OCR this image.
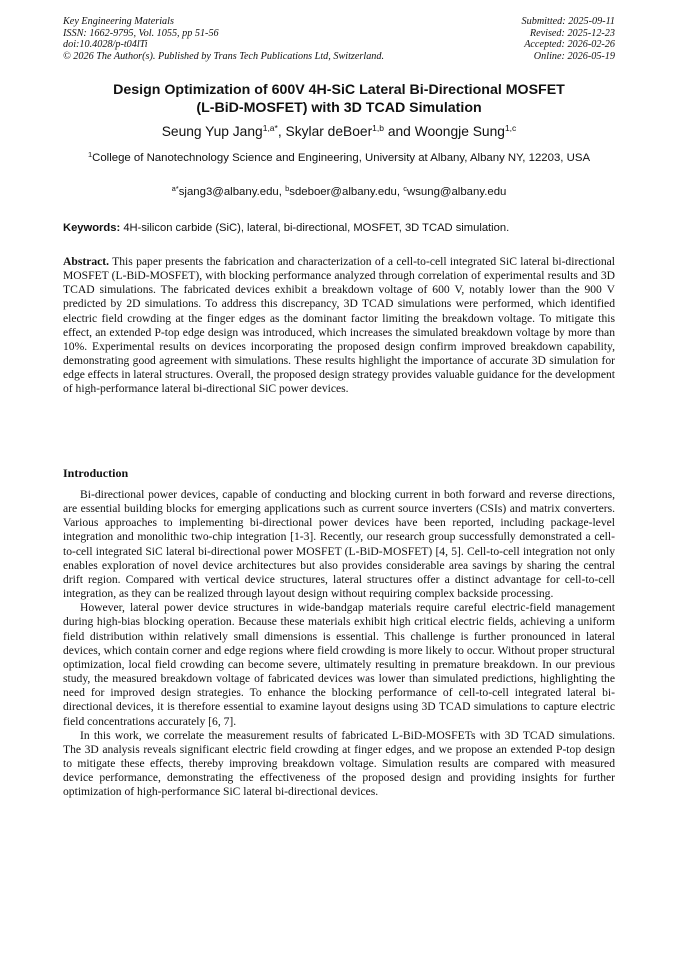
Key Engineering Materials
ISSN: 1662-9795, Vol. 1055, pp 51-56
doi:10.4028/p-t04lTi
© 2026 The Author(s). Published by Trans Tech Publications Ltd, Switzerland.
Submitted: 2025-09-11
Revised: 2025-12-23
Accepted: 2026-02-26
Online: 2026-05-19
Design Optimization of 600V 4H-SiC Lateral Bi-Directional MOSFET
(L-BiD-MOSFET) with 3D TCAD Simulation
Seung Yup Jang$^{1,a*}$, Skylar deBoer$^{1,b}$ and Woongje Sung$^{1,c}$
$^1$College of Nanotechnology Science and Engineering, University at Albany, Albany NY, 12203, USA
$^{a*}$sjang3@albany.edu, $^b$sdeboer@albany.edu, $^c$wsung@albany.edu
Keywords: 4H-silicon carbide (SiC), lateral, bi-directional, MOSFET, 3D TCAD simulation.
Abstract. This paper presents the fabrication and characterization of a cell-to-cell integrated SiC lateral bi-directional MOSFET (L-BiD-MOSFET), with blocking performance analyzed through correlation of experimental results and 3D TCAD simulations. The fabricated devices exhibit a breakdown voltage of 600 V, notably lower than the 900 V predicted by 2D simulations. To address this discrepancy, 3D TCAD simulations were performed, which identified electric field crowding at the finger edges as the dominant factor limiting the breakdown voltage. To mitigate this effect, an extended P-top edge design was introduced, which increases the simulated breakdown voltage by more than 10%. Experimental results on devices incorporating the proposed design confirm improved breakdown capability, demonstrating good agreement with simulations. These results highlight the importance of accurate 3D simulation for edge effects in lateral structures. Overall, the proposed design strategy provides valuable guidance for the development of high-performance lateral bi-directional SiC power devices.
Introduction

Bi-directional power devices, capable of conducting and blocking current in both forward and reverse directions, are essential building blocks for emerging applications such as current source inverters (CSIs) and matrix converters. Various approaches to implementing bi-directional power devices have been reported, including package-level integration and monolithic two-chip integration [1-3]. Recently, our research group successfully demonstrated a cell-to-cell integrated SiC lateral bi-directional power MOSFET (L-BiD-MOSFET) [4, 5]. Cell-to-cell integration not only enables exploration of novel device architectures but also provides considerable area savings by sharing the central drift region. Compared with vertical device structures, lateral structures offer a distinct advantage for cell-to-cell integration, as they can be realized through layout design without requiring complex backside processing.

However, lateral power device structures in wide-bandgap materials require careful electric-field management during high-bias blocking operation. Because these materials exhibit high critical electric fields, achieving a uniform field distribution within relatively small dimensions is essential. This challenge is further pronounced in lateral devices, which contain corner and edge regions where field crowding is more likely to occur. Without proper structural optimization, local field crowding can become severe, ultimately resulting in premature breakdown. In our previous study, the measured breakdown voltage of fabricated devices was lower than simulated predictions, highlighting the need for improved design strategies. To enhance the blocking performance of cell-to-cell integrated lateral bi-directional devices, it is therefore essential to examine layout designs using 3D TCAD simulations to capture electric field concentrations accurately [6, 7].

In this work, we correlate the measurement results of fabricated L-BiD-MOSFETs with 3D TCAD simulations. The 3D analysis reveals significant electric field crowding at finger edges, and we propose an extended P-top design to mitigate these effects, thereby improving breakdown voltage. Simulation results are compared with measured device performance, demonstrating the effectiveness of the proposed design and providing insights for further optimization of high-performance SiC lateral bi-directional devices.
